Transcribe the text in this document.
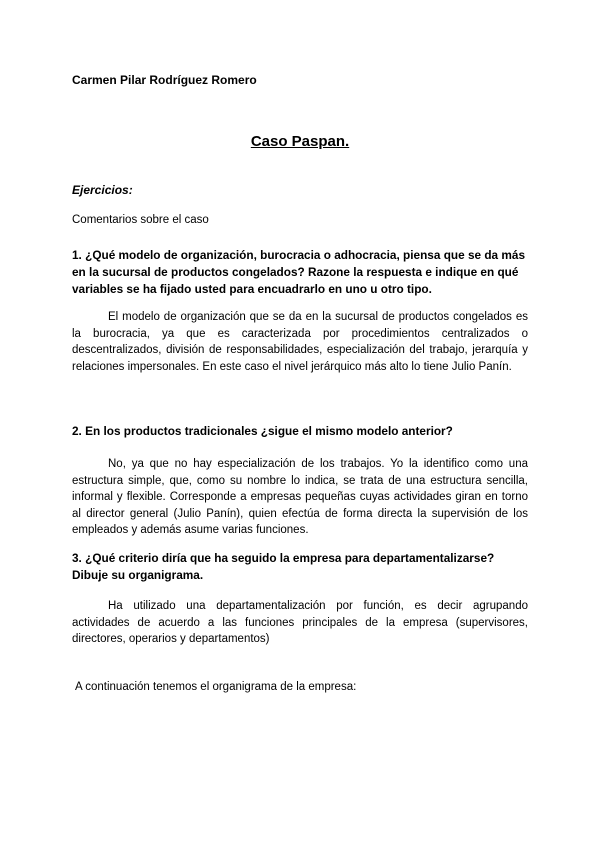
Carmen Pilar Rodríguez Romero

Caso Paspan.

Ejercicios:

Comentarios sobre el caso

1. ¿Qué modelo de organización, burocracia o adhocracia, piensa que se da más en la sucursal de productos congelados? Razone la respuesta e indique en qué variables se ha fijado usted para encuadrarlo en uno u otro tipo.

El modelo de organización que se da en la sucursal de productos congelados es la burocracia, ya que es caracterizada por procedimientos centralizados o descentralizados, división de responsabilidades, especialización del trabajo, jerarquía y relaciones impersonales. En este caso el nivel jerárquico más alto lo tiene Julio Panín.

2. En los productos tradicionales ¿sigue el mismo modelo anterior?

No, ya que no hay especialización de los trabajos. Yo la identifico como una estructura simple, que, como su nombre lo indica, se trata de una estructura sencilla, informal y flexible. Corresponde a empresas pequeñas cuyas actividades giran en torno al director general (Julio Panín), quien efectúa de forma directa la supervisión de los empleados y además asume varias funciones.

3. ¿Qué criterio diría que ha seguido la empresa para departamentalizarse? Dibuje su organigrama.

Ha utilizado una departamentalización por función, es decir agrupando actividades de acuerdo a las funciones principales de la empresa (supervisores, directores, operarios y departamentos)

A continuación tenemos el organigrama de la empresa:
